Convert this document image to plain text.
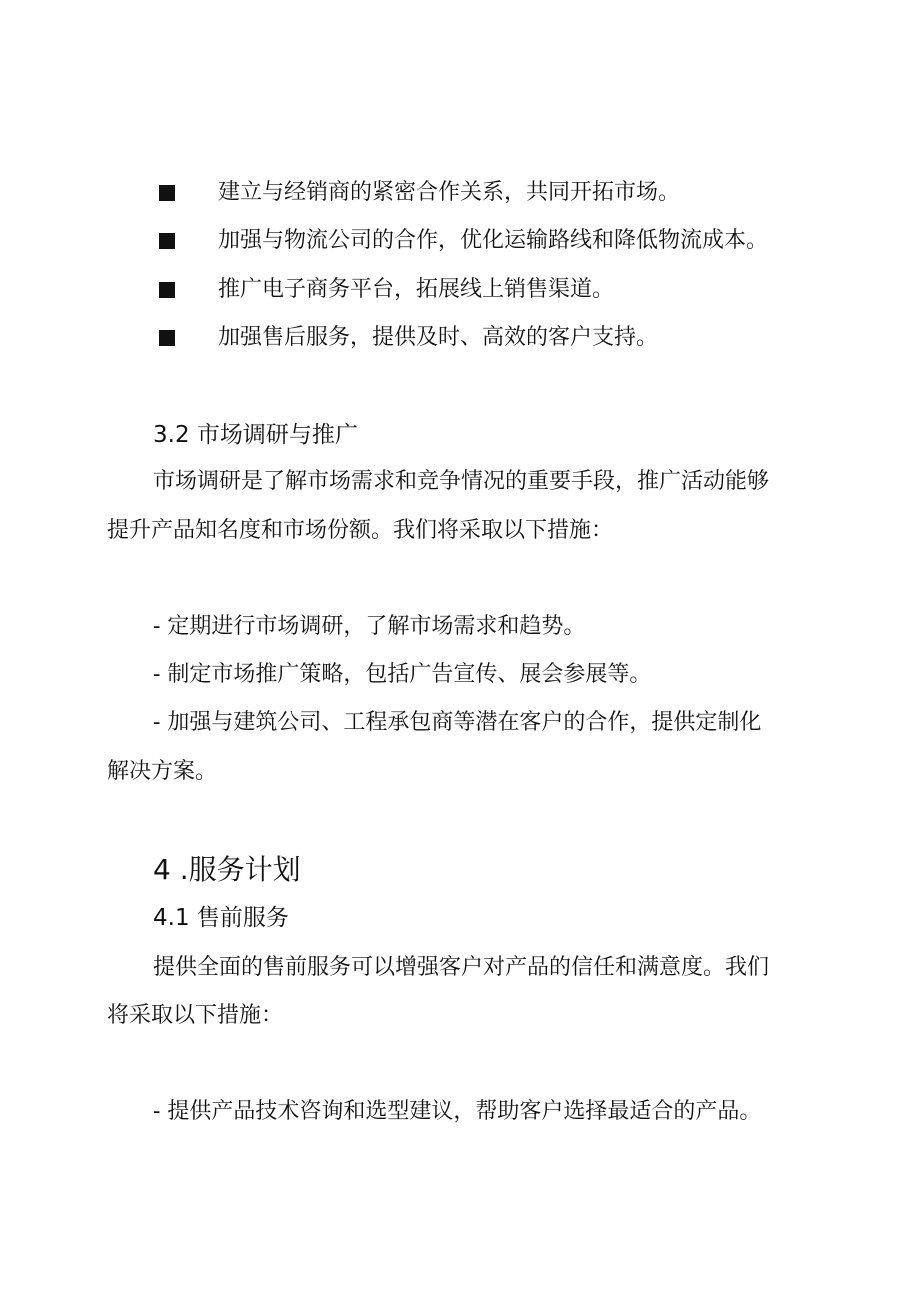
建立与经销商的紧密合作关系，共同开拓市场。
加强与物流公司的合作，优化运输路线和降低物流成本。
推广电子商务平台，拓展线上销售渠道。
加强售后服务，提供及时、高效的客户支持。
3.2 市场调研与推广
市场调研是了解市场需求和竞争情况的重要手段，推广活动能够
提升产品知名度和市场份额。我们将采取以下措施：
- 定期进行市场调研，了解市场需求和趋势。
- 制定市场推广策略，包括广告宣传、展会参展等。
- 加强与建筑公司、工程承包商等潜在客户的合作，提供定制化
解决方案。
4 .服务计划
4.1 售前服务
提供全面的售前服务可以增强客户对产品的信任和满意度。我们
将采取以下措施：
- 提供产品技术咨询和选型建议，帮助客户选择最适合的产品。
